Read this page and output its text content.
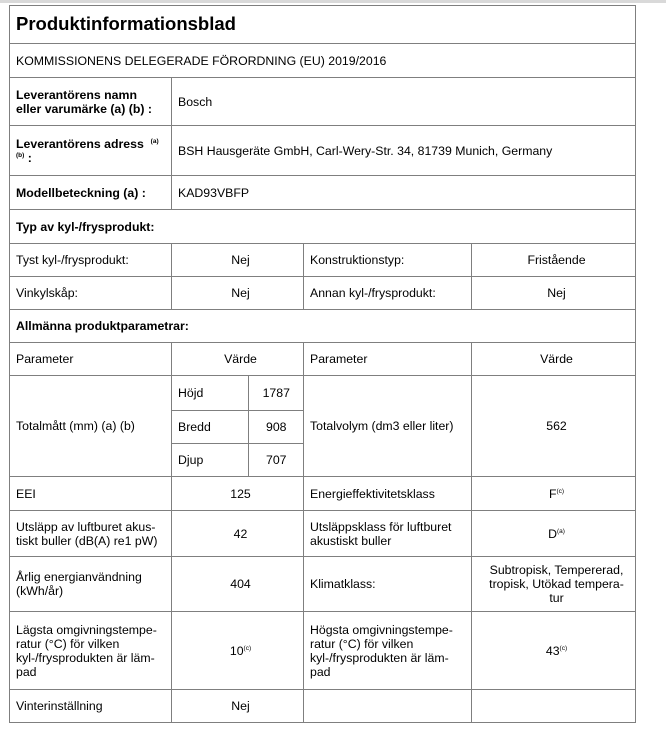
Produktinformationsblad
KOMMISSIONENS DELEGERADE FÖRORDNING (EU) 2019/2016
Leverantörens namn
eller varumärke (a) (b) :	Bosch
Leverantörens adress $^{(a)}$
$^{(b)}$ :	BSH Hausgeräte GmbH, Carl-Wery-Str. 34, 81739 Munich, Germany
Modellbeteckning (a) :	KAD93VBFP
Typ av kyl-/frysprodukt:
Tyst kyl-/frysprodukt:	Nej	Konstruktionstyp:	Fristående
Vinkylskåp:	Nej	Annan kyl-/frysprodukt:	Nej
Allmänna produktparametrar:
Parameter	Värde	Parameter	Värde
Totalmått (mm) (a) (b)	
Höjd	1787
Bredd	908
Djup	707
	Totalvolym (dm3 eller liter)	562
EEI	125	Energieffektivitetsklass	$F^{(c)}$
Utsläpp av luftburet akus-
tiskt buller (dB(A) re1 pW)	42	Utsläppsklass för luftburet
akustiskt buller	$D^{(a)}$
Årlig energianvändning
(kWh/år)	404	Klimatklass:	Subtropisk, Tempererad,
tropisk, Utökad tempera-
tur
Lägsta omgivningstempe-
ratur (°C) för vilken
kyl-/frysprodukten är läm-
pad	10$^{(c)}$	Högsta omgivningstempe-
ratur (°C) för vilken
kyl-/frysprodukten är läm-
pad	43$^{(c)}$
Vinterinställning	Nej		
